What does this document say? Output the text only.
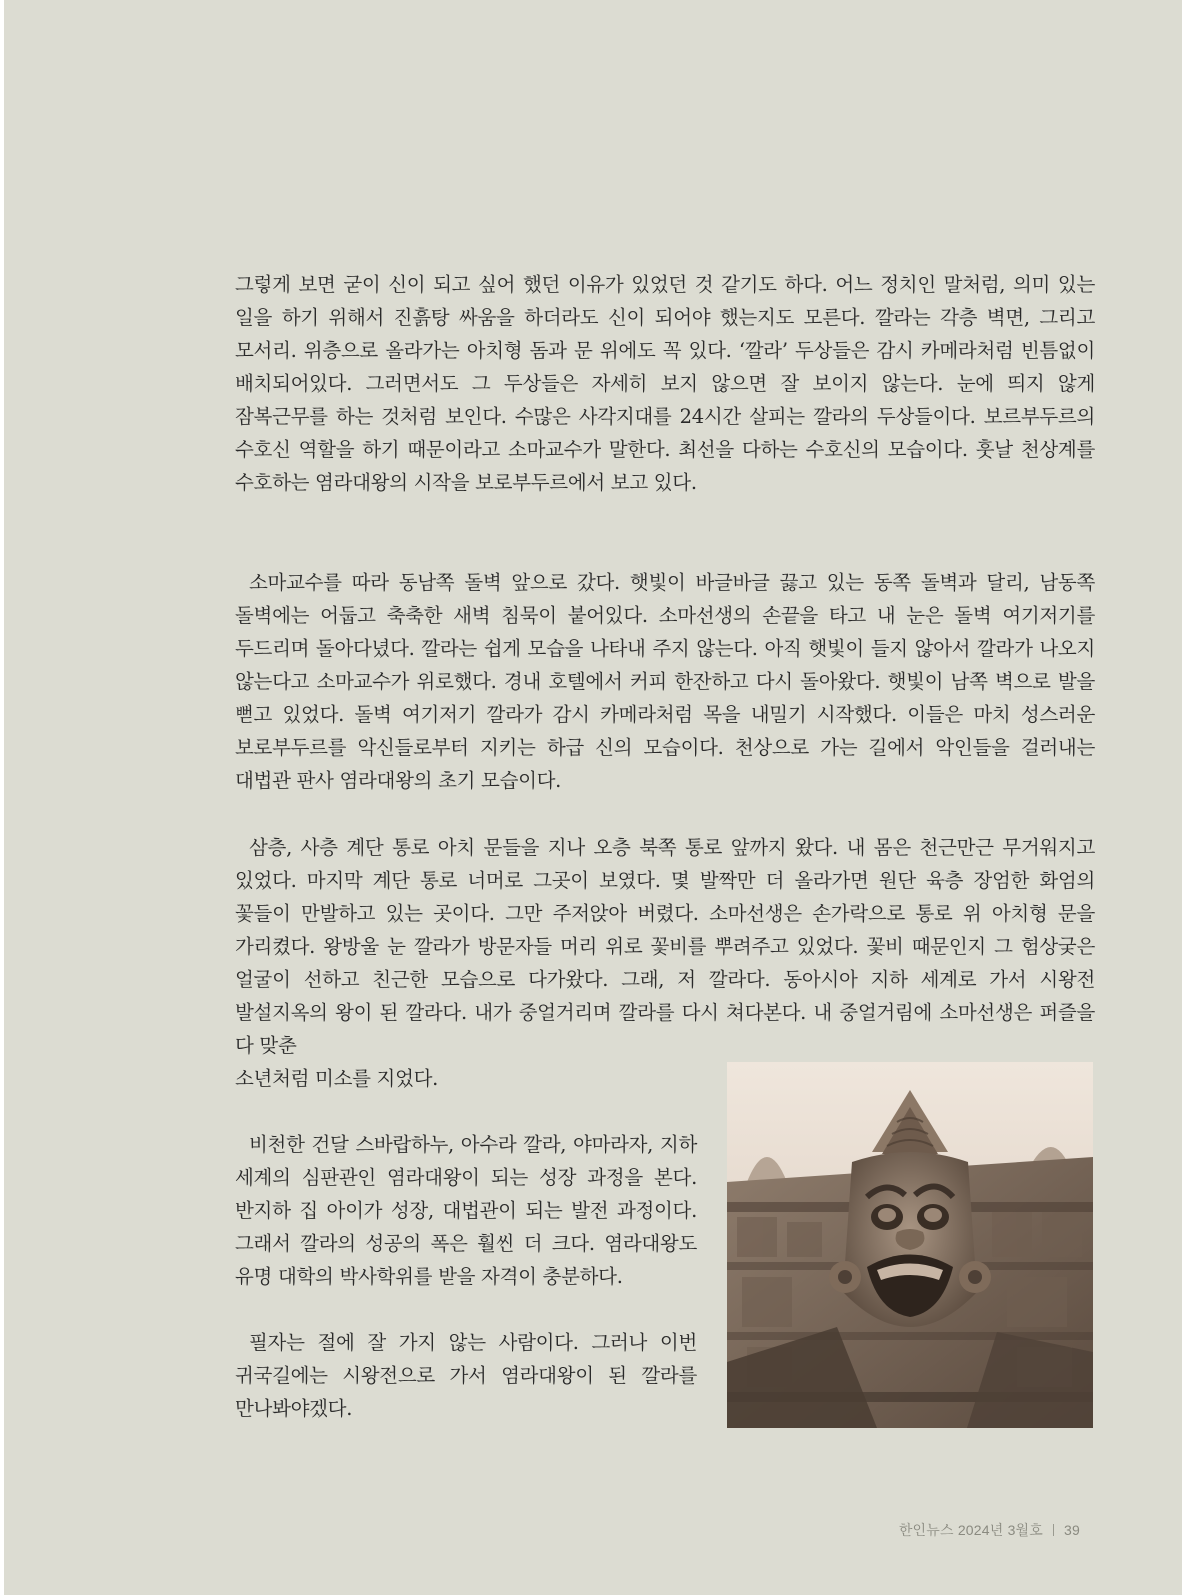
그렇게 보면 굳이 신이 되고 싶어 했던 이유가 있었던 것 같기도 하다. 어느 정치인 말처럼, 의미 있는 일을 하기 위해서 진흙탕 싸움을 하더라도 신이 되어야 했는지도 모른다. 깔라는 각층 벽면, 그리고 모서리. 위층으로 올라가는 아치형 돔과 문 위에도 꼭 있다. ‘깔라’ 두상들은 감시 카메라처럼 빈틈없이 배치되어있다. 그러면서도 그 두상들은 자세히 보지 않으면 잘 보이지 않는다. 눈에 띄지 않게 잠복근무를 하는 것처럼 보인다. 수많은 사각지대를 24시간 살피는 깔라의 두상들이다. 보르부두르의 수호신 역할을 하기 때문이라고 소마교수가 말한다. 최선을 다하는 수호신의 모습이다. 훗날 천상계를 수호하는 염라대왕의 시작을 보로부두르에서 보고 있다.

소마교수를 따라 동남쪽 돌벽 앞으로 갔다. 햇빛이 바글바글 끓고 있는 동쪽 돌벽과 달리, 남동쪽 돌벽에는 어둡고 축축한 새벽 침묵이 붙어있다. 소마선생의 손끝을 타고 내 눈은 돌벽 여기저기를 두드리며 돌아다녔다. 깔라는 쉽게 모습을 나타내 주지 않는다. 아직 햇빛이 들지 않아서 깔라가 나오지 않는다고 소마교수가 위로했다. 경내 호텔에서 커피 한잔하고 다시 돌아왔다. 햇빛이 남쪽 벽으로 발을 뻗고 있었다. 돌벽 여기저기 깔라가 감시 카메라처럼 목을 내밀기 시작했다. 이들은 마치 성스러운 보로부두르를 악신들로부터 지키는 하급 신의 모습이다. 천상으로 가는 길에서 악인들을 걸러내는 대법관 판사 염라대왕의 초기 모습이다.

삼층, 사층 계단 통로 아치 문들을 지나 오층 북쪽 통로 앞까지 왔다. 내 몸은 천근만근 무거워지고 있었다. 마지막 계단 통로 너머로 그곳이 보였다. 몇 발짝만 더 올라가면 원단 육층 장엄한 화엄의 꽃들이 만발하고 있는 곳이다. 그만 주저앉아 버렸다. 소마선생은 손가락으로 통로 위 아치형 문을 가리켰다. 왕방울 눈 깔라가 방문자들 머리 위로 꽃비를 뿌려주고 있었다. 꽃비 때문인지 그 험상궂은 얼굴이 선하고 친근한 모습으로 다가왔다. 그래, 저 깔라다. 동아시아 지하 세계로 가서 시왕전 발설지옥의 왕이 된 깔라다. 내가 중얼거리며 깔라를 다시 쳐다본다. 내 중얼거림에 소마선생은 퍼즐을 다 맞춘

소년처럼 미소를 지었다.

비천한 건달 스바랍하누, 아수라 깔라, 야마라자, 지하 세계의 심판관인 염라대왕이 되는 성장 과정을 본다. 반지하 집 아이가 성장, 대법관이 되는 발전 과정이다. 그래서 깔라의 성공의 폭은 훨씬 더 크다. 염라대왕도 유명 대학의 박사학위를 받을 자격이 충분하다.

필자는 절에 잘 가지 않는 사람이다. 그러나 이번 귀국길에는 시왕전으로 가서 염라대왕이 된 깔라를 만나봐야겠다.

한인뉴스 2024년 3월호 39
